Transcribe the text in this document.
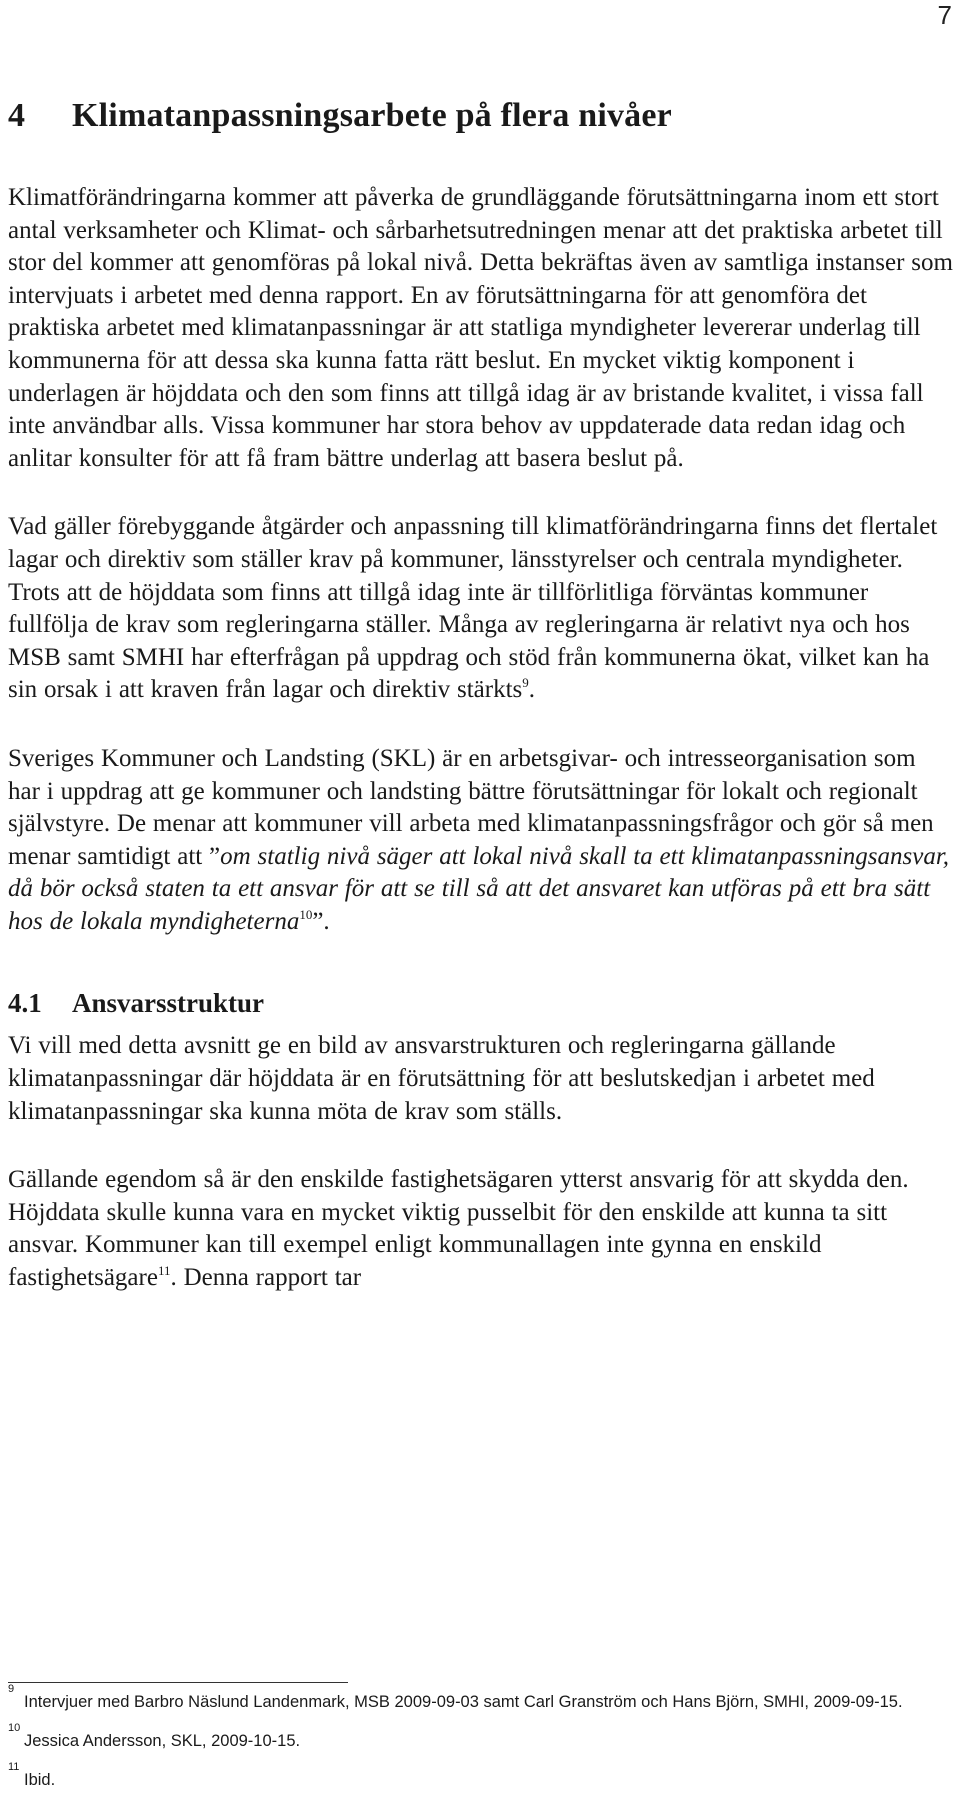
7
4 Klimatanpassningsarbete på flera nivåer

Klimatförändringarna kommer att påverka de grundläggande förutsättningarna inom ett stort antal verksamheter och Klimat- och sårbarhetsutredningen menar att det praktiska arbetet till stor del kommer att genomföras på lokal nivå. Detta bekräftas även av samtliga instanser som intervjuats i arbetet med denna rapport. En av förutsättningarna för att genomföra det praktiska arbetet med klimatanpassningar är att statliga myndigheter levererar underlag till kommunerna för att dessa ska kunna fatta rätt beslut. En mycket viktig komponent i underlagen är höjddata och den som finns att tillgå idag är av bristande kvalitet, i vissa fall inte användbar alls. Vissa kommuner har stora behov av uppdaterade data redan idag och anlitar konsulter för att få fram bättre underlag att basera beslut på.

Vad gäller förebyggande åtgärder och anpassning till klimatförändringarna finns det flertalet lagar och direktiv som ställer krav på kommuner, länsstyrelser och centrala myndigheter. Trots att de höjddata som finns att tillgå idag inte är tillförlitliga förväntas kommuner fullfölja de krav som regleringarna ställer. Många av regleringarna är relativt nya och hos MSB samt SMHI har efterfrågan på uppdrag och stöd från kommunerna ökat, vilket kan ha sin orsak i att kraven från lagar och direktiv stärkts$^9$.

Sveriges Kommuner och Landsting (SKL) är en arbetsgivar- och intresseorganisation som har i uppdrag att ge kommuner och landsting bättre förutsättningar för lokalt och regionalt självstyre. De menar att kommuner vill arbeta med klimatanpassningsfrågor och gör så men menar samtidigt att ”om statlig nivå säger att lokal nivå skall ta ett klimatanpassningsansvar, då bör också staten ta ett ansvar för att se till så att det ansvaret kan utföras på ett bra sätt hos de lokala myndigheterna$^{10}$”.

4.1 Ansvarsstruktur

Vi vill med detta avsnitt ge en bild av ansvarstrukturen och regleringarna gällande klimatanpassningar där höjddata är en förutsättning för att beslutskedjan i arbetet med klimatanpassningar ska kunna möta de krav som ställs.

Gällande egendom så är den enskilde fastighetsägaren ytterst ansvarig för att skydda den. Höjddata skulle kunna vara en mycket viktig pusselbit för den enskilde att kunna ta sitt ansvar. Kommuner kan till exempel enligt kommunallagen inte gynna en enskild fastighetsägare$^{11}$. Denna rapport tar

9
Intervjuer med Barbro Näslund Landenmark, MSB 2009-09-03 samt Carl Granström och Hans Björn, SMHI, 2009-09-15.
10
Jessica Andersson, SKL, 2009-10-15.
11
Ibid.
